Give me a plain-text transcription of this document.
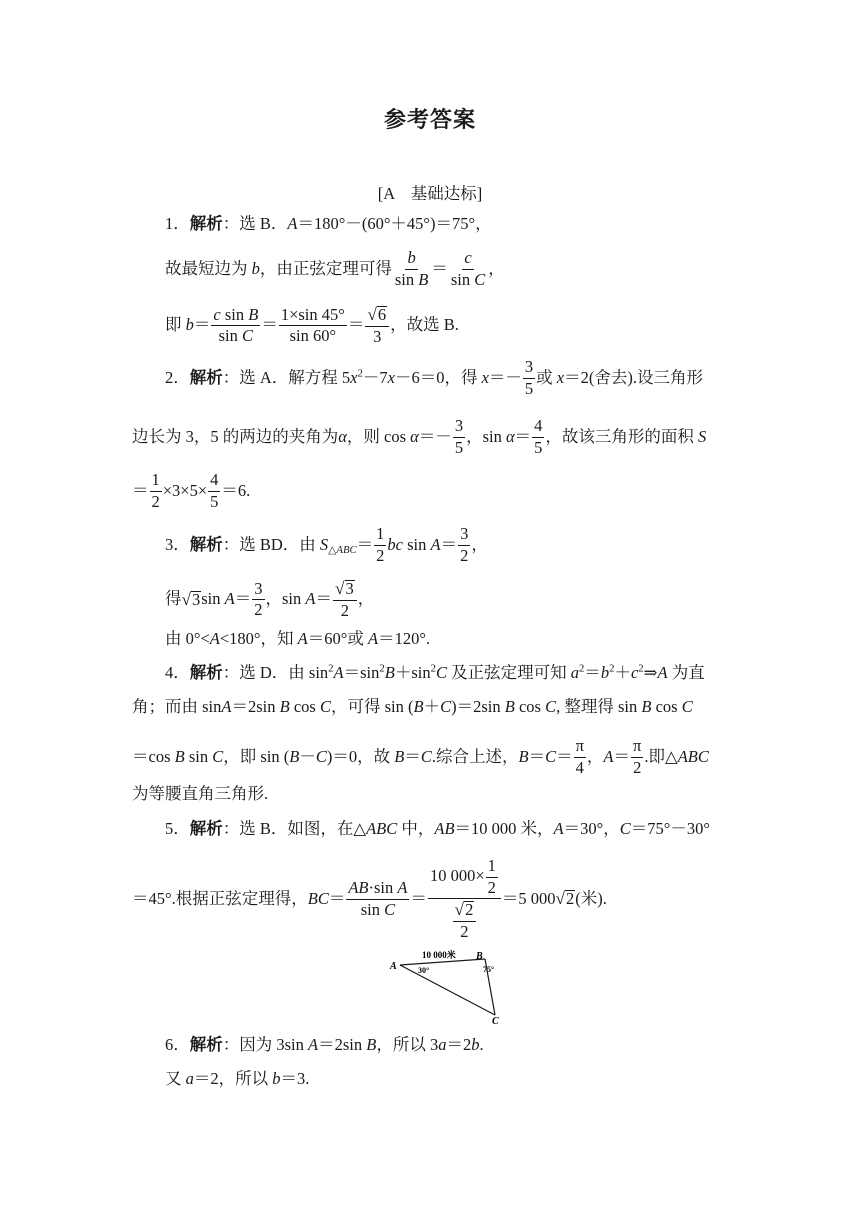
参考答案
[A　基础达标]
1． 解析 ：选 B．A＝180°－(60°＋45°)＝75°，
故最短边为 b，由正弦定理可得 $\frac{b}{\text{sin B}} = \frac{c}{\text{sin C}}$ ，
即 $b= \frac{\text{c sin B}}{\text{sin C}} = \frac{1\times\sin 45^\circ}{\sin 60^\circ} = \frac{√ 6}{3}$ ，故选 B.
2． 解析 ：选 A．解方程 $5x^2-7x-6=0$，得 $x=- \frac{3}{5}$ 或 x＝2(舍去).设三角形
边长为 3，5 的两边的夹角为α，则 $\cos \alpha=- \frac{3}{5}$ ，$\sin \alpha= \frac{4}{5}$ ，故该三角形的面积 S
＝ $\frac{1}{2} \times 3\times 5\times \frac{4}{5} =6$.
3． 解析 ：选 BD．由 $S_{\triangle ABC}= \frac{1}{2}$ bc $\sin A= \frac{3}{2}$ ，
得 √ 3 $\sin A= \frac{3}{2}$ ，$\sin A= \frac{√ 3}{2}$ ，
由 0°<A<180°，知 A＝60°或 A＝120°.
4． 解析 ：选 D．由 $\sin^2A=\sin^2B+\sin^2C$ 及正弦定理可知 $a^2=b^2+c^2\Rightarrow A$ 为直
角；而由 sinA＝2sin B cos C，可得 sin (B＋C)＝2sin B cos C, 整理得 sin B cos C
＝cos B sin C，即 sin (B－C)＝0，故 B＝C.综合上述，$B=C= \frac{\pi}{4}$ ，$A= \frac{\pi}{2}$ .即△ABC
为等腰直角三角形.
5． 解析 ：选 B．如图，在△ABC 中，AB＝10 000 米，A＝30°，C＝75°－30°
＝45°.根据正弦定理得，$BC= \frac{\text{AB·sin A}}{\text{sin C}} = \frac{10 000\times \frac{1}{2}}{\frac{√ 2}{2}} =5$ 000 √ 2 (米).
10 000米
A
B
C
30°	75°
6． 解析 ：因为 3sin A＝2sin B，所以 3a＝2b.
又 a＝2，所以 b＝3.
